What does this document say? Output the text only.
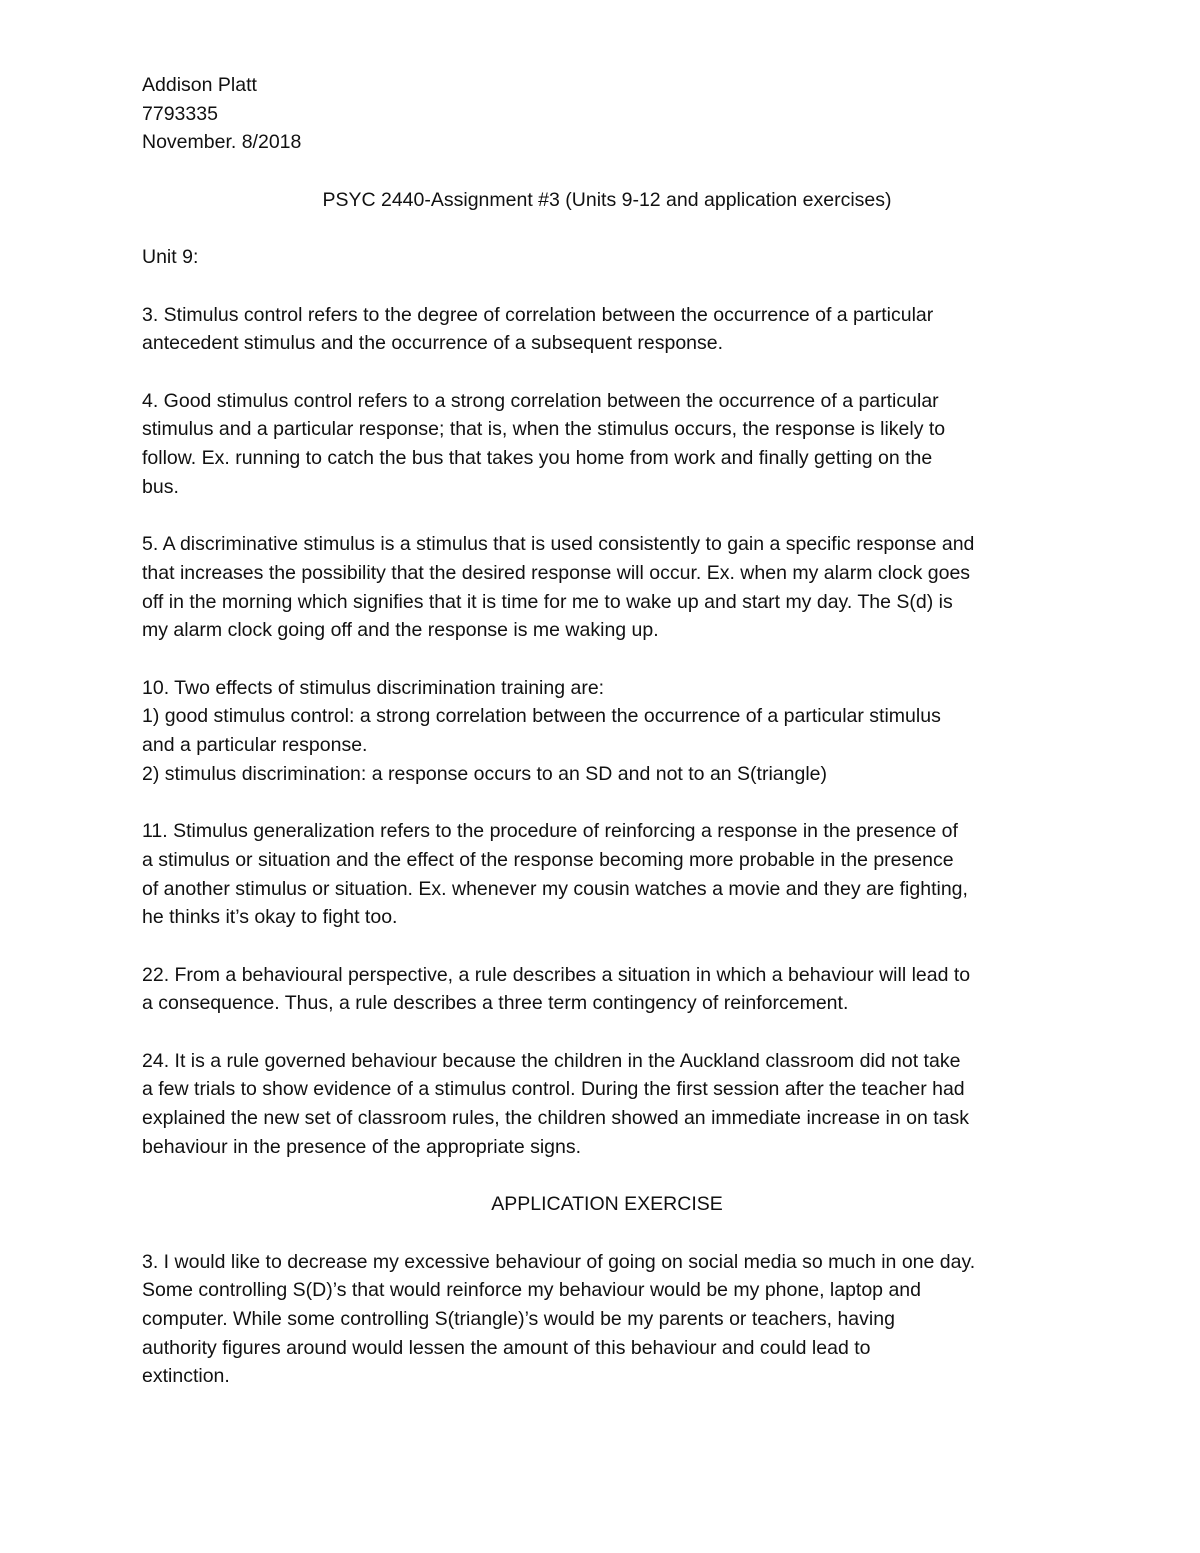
Addison Platt

7793335

November. 8/2018

PSYC 2440-Assignment #3 (Units 9-12 and application exercises)

Unit 9:

3. Stimulus control refers to the degree of correlation between the occurrence of a particular

antecedent stimulus and the occurrence of a subsequent response.

4. Good stimulus control refers to a strong correlation between the occurrence of a particular

stimulus and a particular response; that is, when the stimulus occurs, the response is likely to

follow. Ex. running to catch the bus that takes you home from work and finally getting on the

bus.

5. A discriminative stimulus is a stimulus that is used consistently to gain a specific response and

that increases the possibility that the desired response will occur. Ex. when my alarm clock goes

off in the morning which signifies that it is time for me to wake up and start my day. The S(d) is

my alarm clock going off and the response is me waking up.

10. Two effects of stimulus discrimination training are:

1) good stimulus control: a strong correlation between the occurrence of a particular stimulus

and a particular response.

2) stimulus discrimination: a response occurs to an SD and not to an S(triangle)

11. Stimulus generalization refers to the procedure of reinforcing a response in the presence of

a stimulus or situation and the effect of the response becoming more probable in the presence

of another stimulus or situation. Ex. whenever my cousin watches a movie and they are fighting,

he thinks it’s okay to fight too.

22. From a behavioural perspective, a rule describes a situation in which a behaviour will lead to

a consequence. Thus, a rule describes a three term contingency of reinforcement.

24. It is a rule governed behaviour because the children in the Auckland classroom did not take

a few trials to show evidence of a stimulus control. During the first session after the teacher had

explained the new set of classroom rules, the children showed an immediate increase in on task

behaviour in the presence of the appropriate signs.

APPLICATION EXERCISE

3. I would like to decrease my excessive behaviour of going on social media so much in one day.

Some controlling S(D)’s that would reinforce my behaviour would be my phone, laptop and

computer. While some controlling S(triangle)’s would be my parents or teachers, having

authority figures around would lessen the amount of this behaviour and could lead to

extinction.
